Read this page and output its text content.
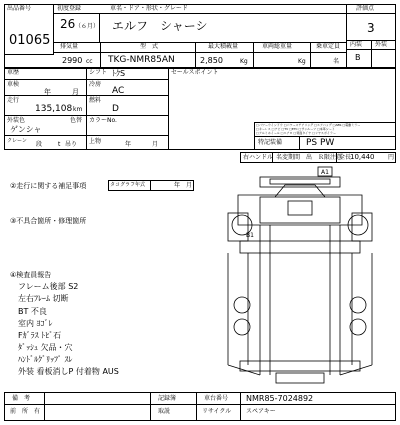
出品番号
01065
初度登録	車名・ドア・形状・グレード
26 （６月） エルフ　シャーシ
評価点
3
内装 外装
B
排気量	型　式	最大積載量	車両総重量	乗車定員
2990 cc TKG-NMR85AN	2,850	Kg	Kg	名
車歴	シフト ﾄｸS
車検
年	月
冷房
AC
走行
135,108 km
燃料
D
外装色	色替
ゲンシャ
カラーNo.
クレーン 段	t 吊り 上物	年	月
セールスポイント
□パワーウインドウ □パワーステアリング □エアバッグ □ABS □電動ミラー
□キーレス □ナビ □TV □ETC □サンルーフ □本革シート
□アルミホイール □エアロ □背面タイヤ □リヤスポイラー
特記装備	PS PW
右ハンドル 名変期間 出　Ｒ限注意
全長
10,440 円
②走行に関する補足事項	タコグラフ年式	年 月
③不具合箇所・修理箇所
④検査員報告
フレーム後部 S2
左右ﾌﾚｰﾑ 切断
BT 不良
室内 ﾖｺﾞﾚ
Fｶﾞﾗｽ ﾄﾋﾞ石
ﾀﾞｯｼｭ 欠品・穴
ﾊﾝﾄﾞﾙｸﾞﾘｯﾌﾟ ｽﾚ
外装 看板消しP 付着物 AUS
A1
B1
備　考
前　所　有
記録簿
取説
車台番号 NMR85-7024892
リサイクル スペアキー
